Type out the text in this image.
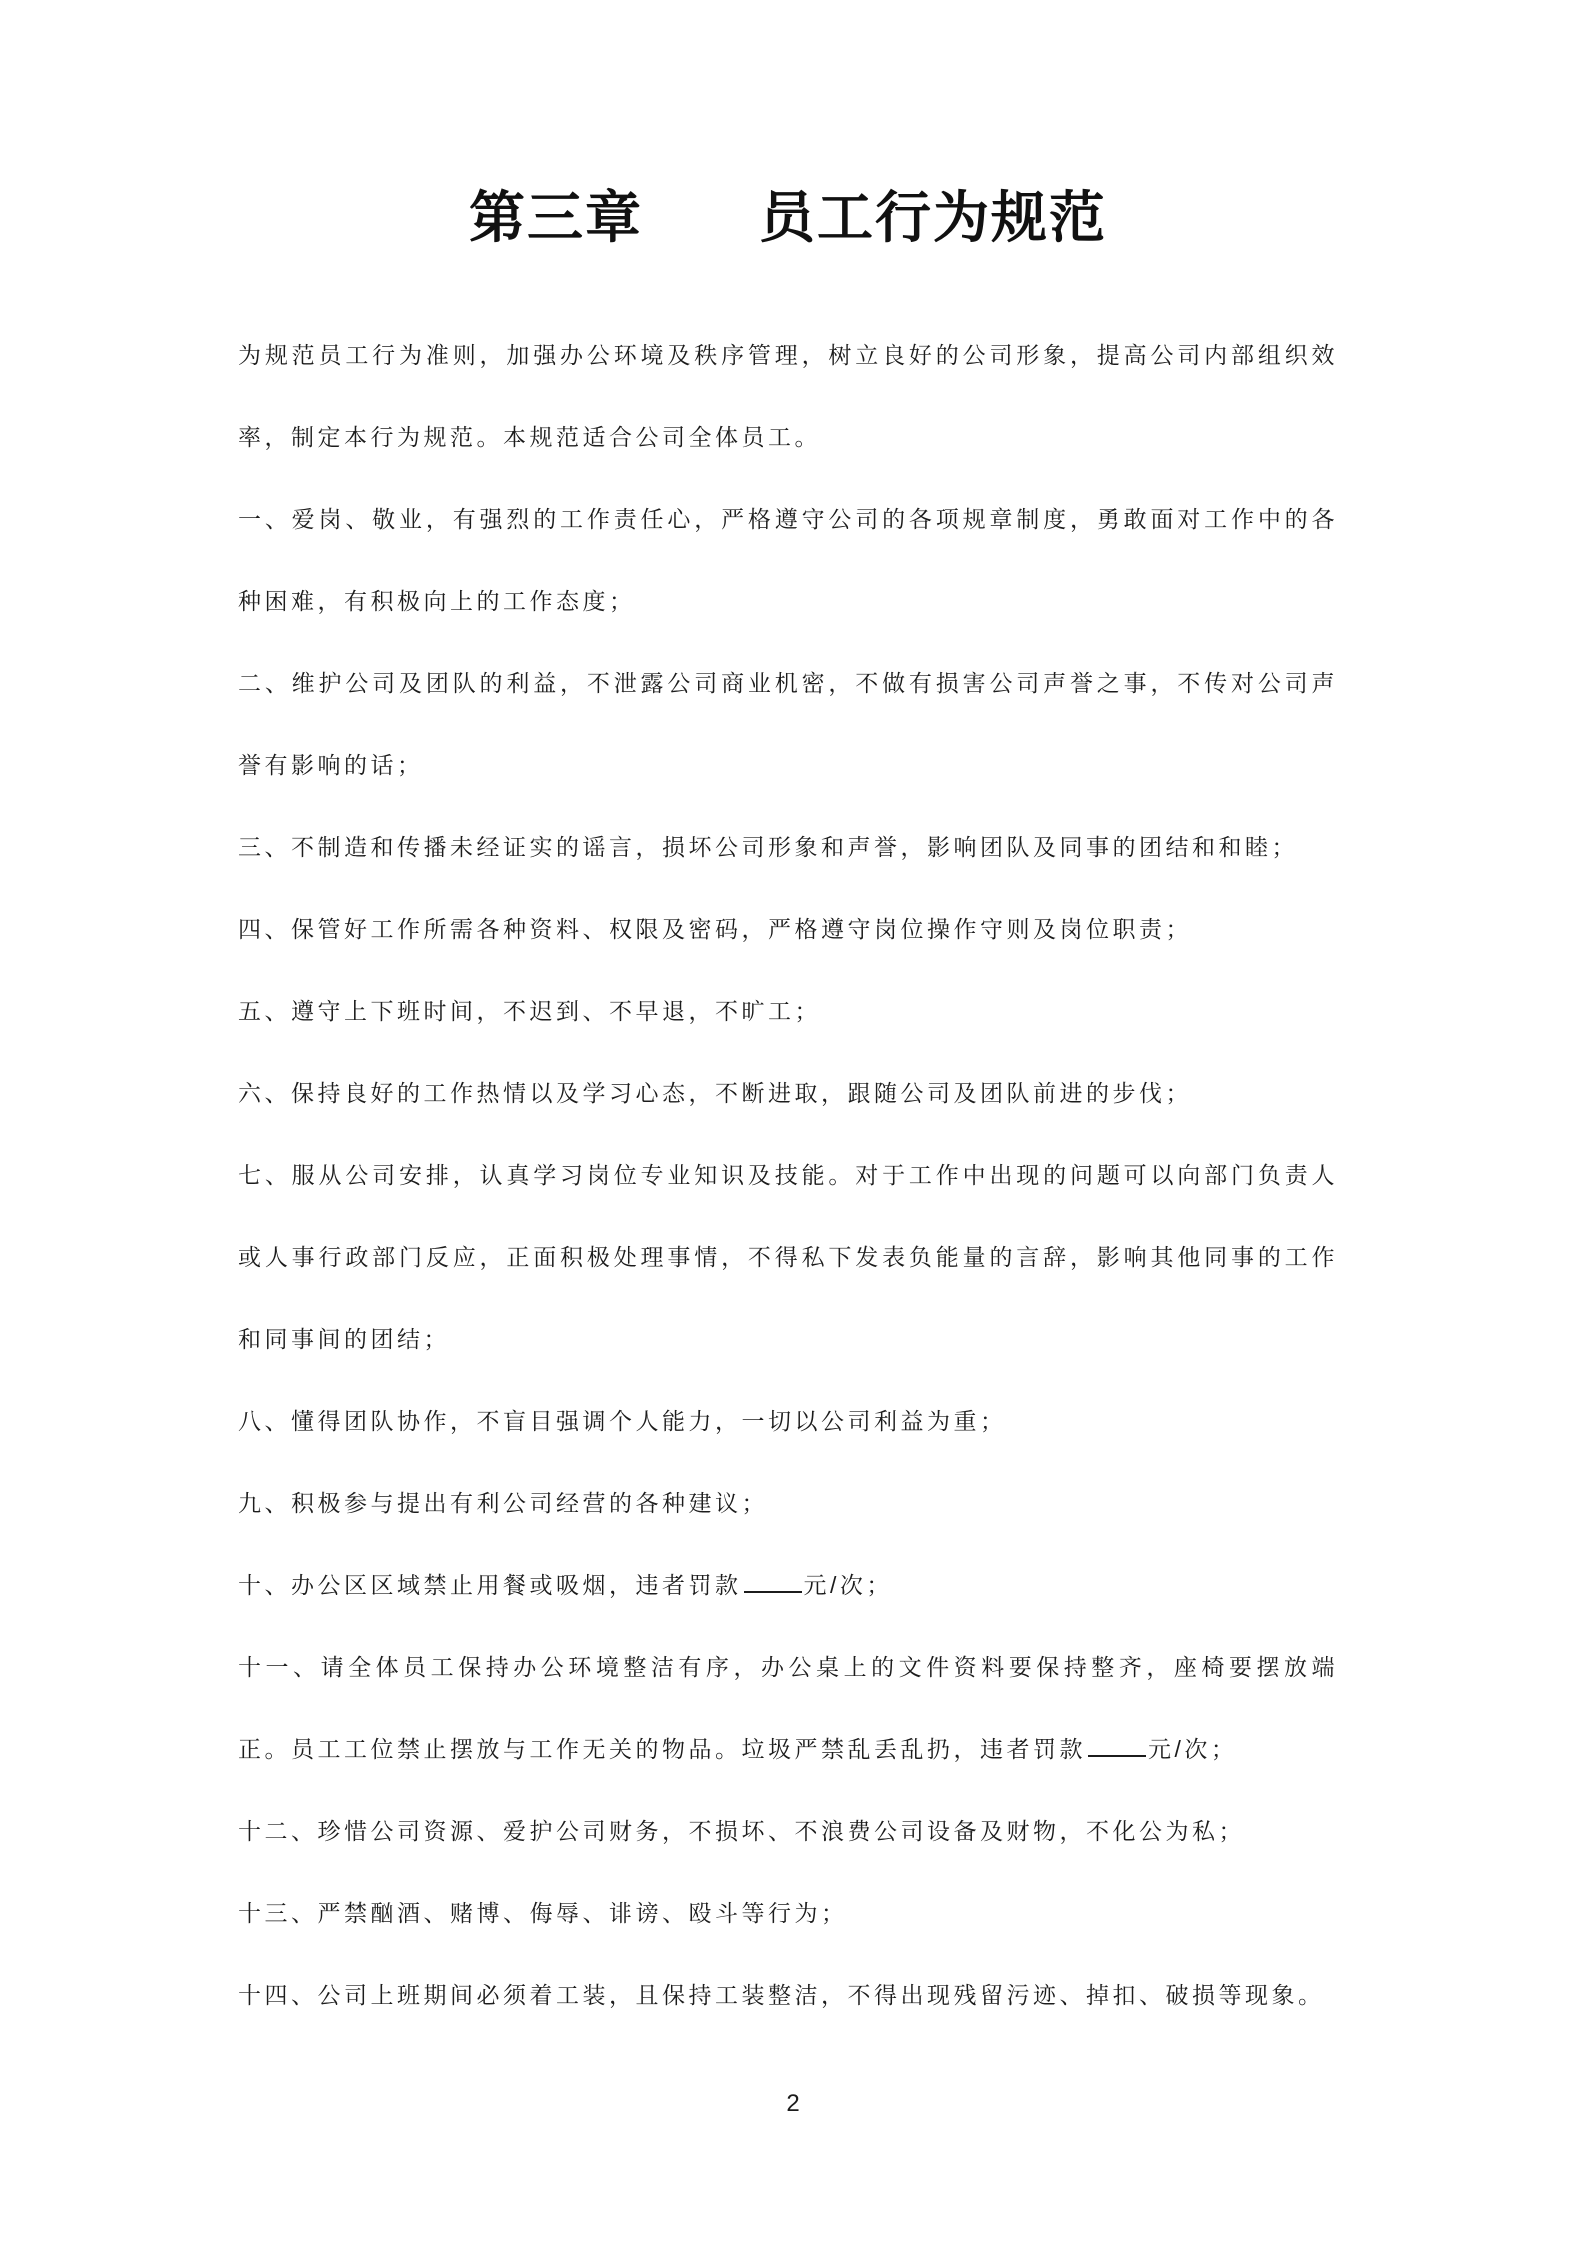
第三章　　员工行为规范

为规范员工行为准则，加强办公环境及秩序管理，树立良好的公司形象，提高公司内部组织效率，制定本行为规范。本规范适合公司全体员工。

一、爱岗、敬业，有强烈的工作责任心，严格遵守公司的各项规章制度，勇敢面对工作中的各种困难，有积极向上的工作态度；

二、维护公司及团队的利益，不泄露公司商业机密，不做有损害公司声誉之事，不传对公司声誉有影响的话；

三、不制造和传播未经证实的谣言，损坏公司形象和声誉，影响团队及同事的团结和和睦；

四、保管好工作所需各种资料、权限及密码，严格遵守岗位操作守则及岗位职责；

五、遵守上下班时间，不迟到、不早退，不旷工；

六、保持良好的工作热情以及学习心态，不断进取，跟随公司及团队前进的步伐；

七、服从公司安排，认真学习岗位专业知识及技能。对于工作中出现的问题可以向部门负责人或人事行政部门反应，正面积极处理事情，不得私下发表负能量的言辞，影响其他同事的工作和同事间的团结；

八、懂得团队协作，不盲目强调个人能力，一切以公司利益为重；

九、积极参与提出有利公司经营的各种建议；

十、办公区区域禁止用餐或吸烟，违者罚款	元/次；

十一、请全体员工保持办公环境整洁有序，办公桌上的文件资料要保持整齐，座椅要摆放端正。员工工位禁止摆放与工作无关的物品。垃圾严禁乱丢乱扔，违者罚款	元/次；

十二、珍惜公司资源、爱护公司财务，不损坏、不浪费公司设备及财物，不化公为私；

十三、严禁酗酒、赌博、侮辱、诽谤、殴斗等行为；

十四、公司上班期间必须着工装，且保持工装整洁，不得出现残留污迹、掉扣、破损等现象。

2
